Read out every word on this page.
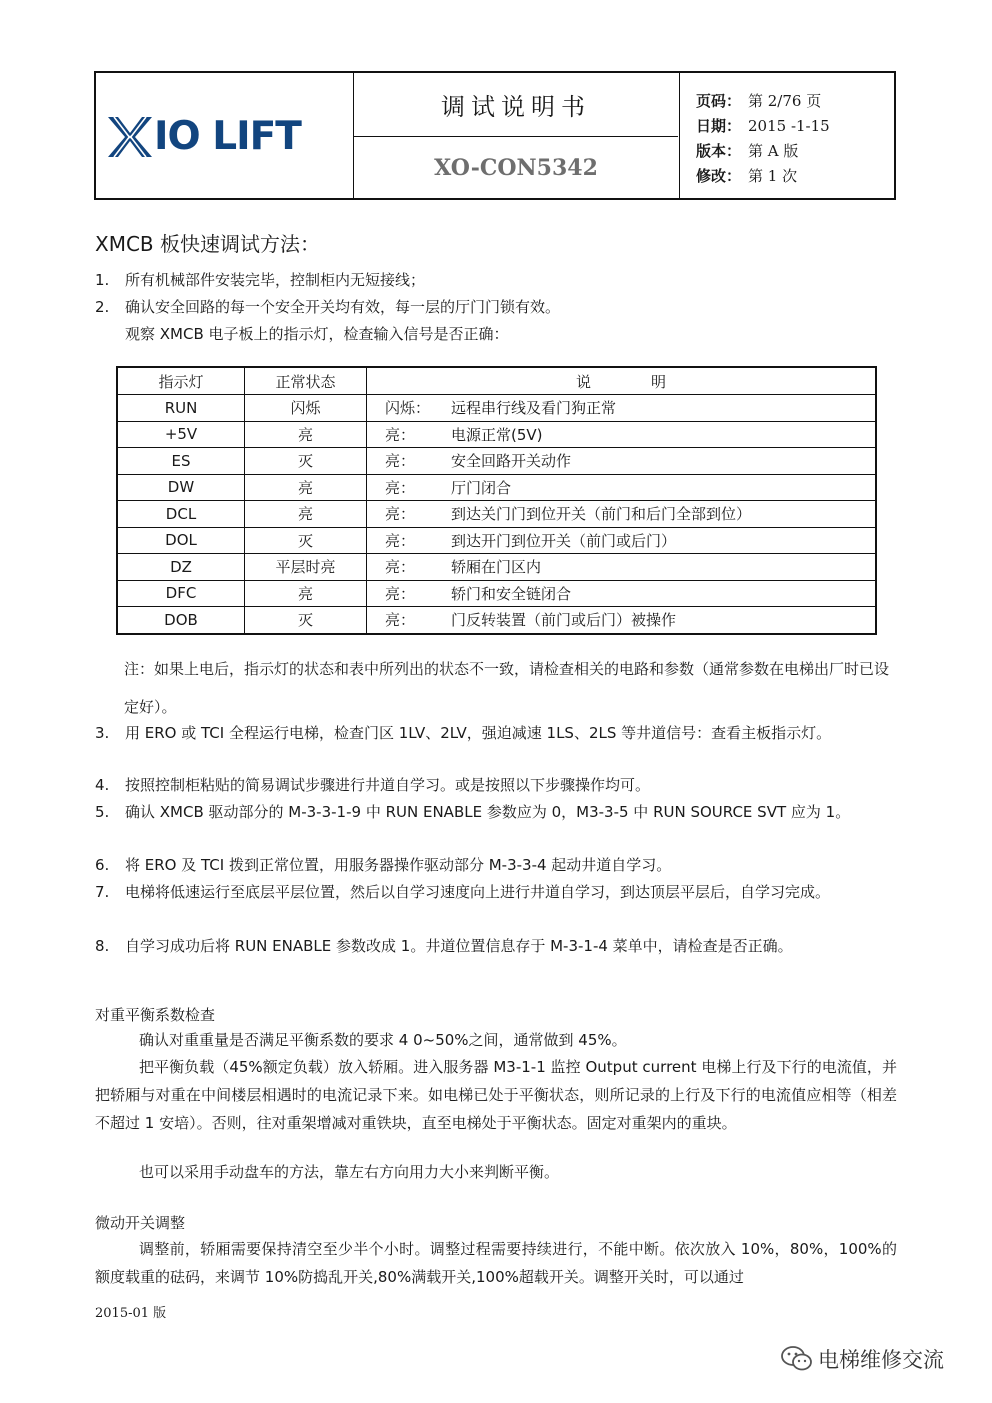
IO LIFT
调试说明书
XO-CON5342
页码： 第 2/76 页
日期： 2015 -1-15
版本： 第 A 版
修改： 第 1 次
XMCB 板快速调试方法：
1. 所有机械部件安装完毕，控制柜内无短接线；
2. 确认安全回路的每一个安全开关均有效，每一层的厅门门锁有效。
观察 XMCB 电子板上的指示灯，检查输入信号是否正确：
指示灯	正常状态	说　　　　明
RUN	闪烁	闪烁： 远程串行线及看门狗正常
+5V	亮	亮： 电源正常(5V)
ES	灭	亮： 安全回路开关动作
DW	亮	亮： 厅门闭合
DCL	亮	亮： 到达关门门到位开关（前门和后门全部到位）
DOL	灭	亮： 到达开门到位开关（前门或后门）
DZ	平层时亮	亮： 轿厢在门区内
DFC	亮	亮： 轿门和安全链闭合
DOB	灭	亮： 门反转装置（前门或后门）被操作
注：如果上电后，指示灯的状态和表中所列出的状态不一致，请检查相关的电路和参数（通常参数在电梯出厂时已设定好）。
3. 用 ERO 或 TCI 全程运行电梯，检查门区 1LV、2LV，强迫减速 1LS、2LS 等井道信号：查看主板指示灯。
4. 按照控制柜粘贴的简易调试步骤进行井道自学习。或是按照以下步骤操作均可。
5. 确认 XMCB 驱动部分的 M-3-3-1-9 中 RUN ENABLE 参数应为 0，M3-3-5 中 RUN SOURCE SVT 应为 1。
6. 将 ERO 及 TCI 拨到正常位置，用服务器操作驱动部分 M-3-3-4 起动井道自学习。
7. 电梯将低速运行至底层平层位置，然后以自学习速度向上进行井道自学习，到达顶层平层后，自学习完成。
8. 自学习成功后将 RUN ENABLE 参数改成 1。井道位置信息存于 M-3-1-4 菜单中，请检查是否正确。
对重平衡系数检查
确认对重重量是否满足平衡系数的要求 4 0~50%之间，通常做到 45%。
把平衡负载（45%额定负载）放入轿厢。进入服务器 M3-1-1 监控 Output current 电梯上行及下行的电流值，并把轿厢与对重在中间楼层相遇时的电流记录下来。如电梯已处于平衡状态，则所记录的上行及下行的电流值应相等（相差不超过 1 安培）。否则，往对重架增减对重铁块，直至电梯处于平衡状态。固定对重架内的重块。
也可以采用手动盘车的方法，靠左右方向用力大小来判断平衡。
微动开关调整
调整前，轿厢需要保持清空至少半个小时。调整过程需要持续进行，不能中断。依次放入 10%，80%，100%的额度载重的砝码，来调节 10%防捣乱开关,80%满载开关,100%超载开关。调整开关时，可以通过
2015-01 版
电梯维修交流
